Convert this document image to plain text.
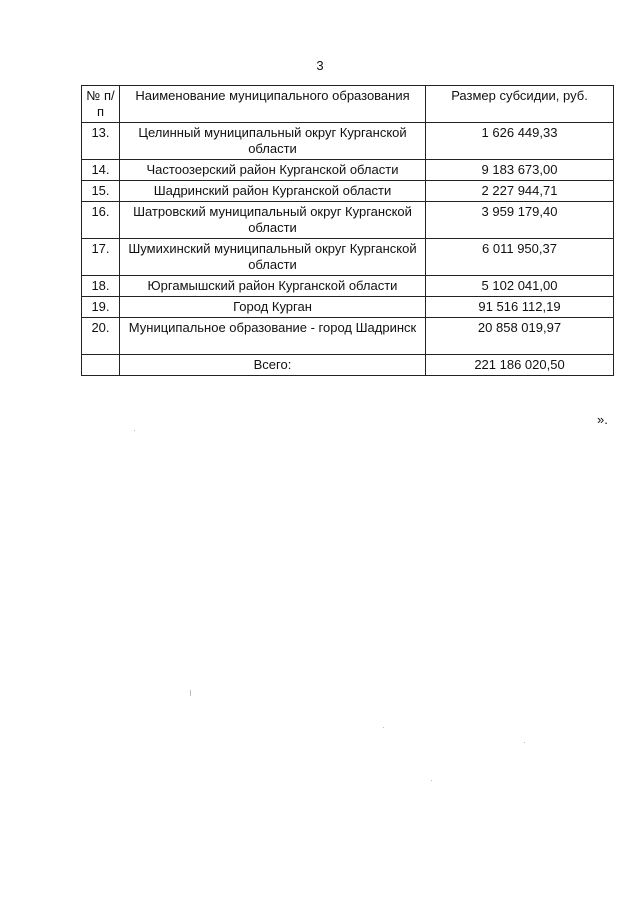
3
№ п/п	Наименование муниципального образования	Размер субсидии, руб.
13.	Целинный муниципальный округ Курганской области	1 626 449,33
14.	Частоозерский район Курганской области	9 183 673,00
15.	Шадринский район Курганской области	2 227 944,71
16.	Шатровский муниципальный округ Курганской области	3 959 179,40
17.	Шумихинский муниципальный округ Курганской области	6 011 950,37
18.	Юргамышский район Курганской области	5 102 041,00
19.	Город Курган	91 516 112,19
20.	Муниципальное образование - город Шадринск	20 858 019,97
	Всего:	221 186 020,50
».
